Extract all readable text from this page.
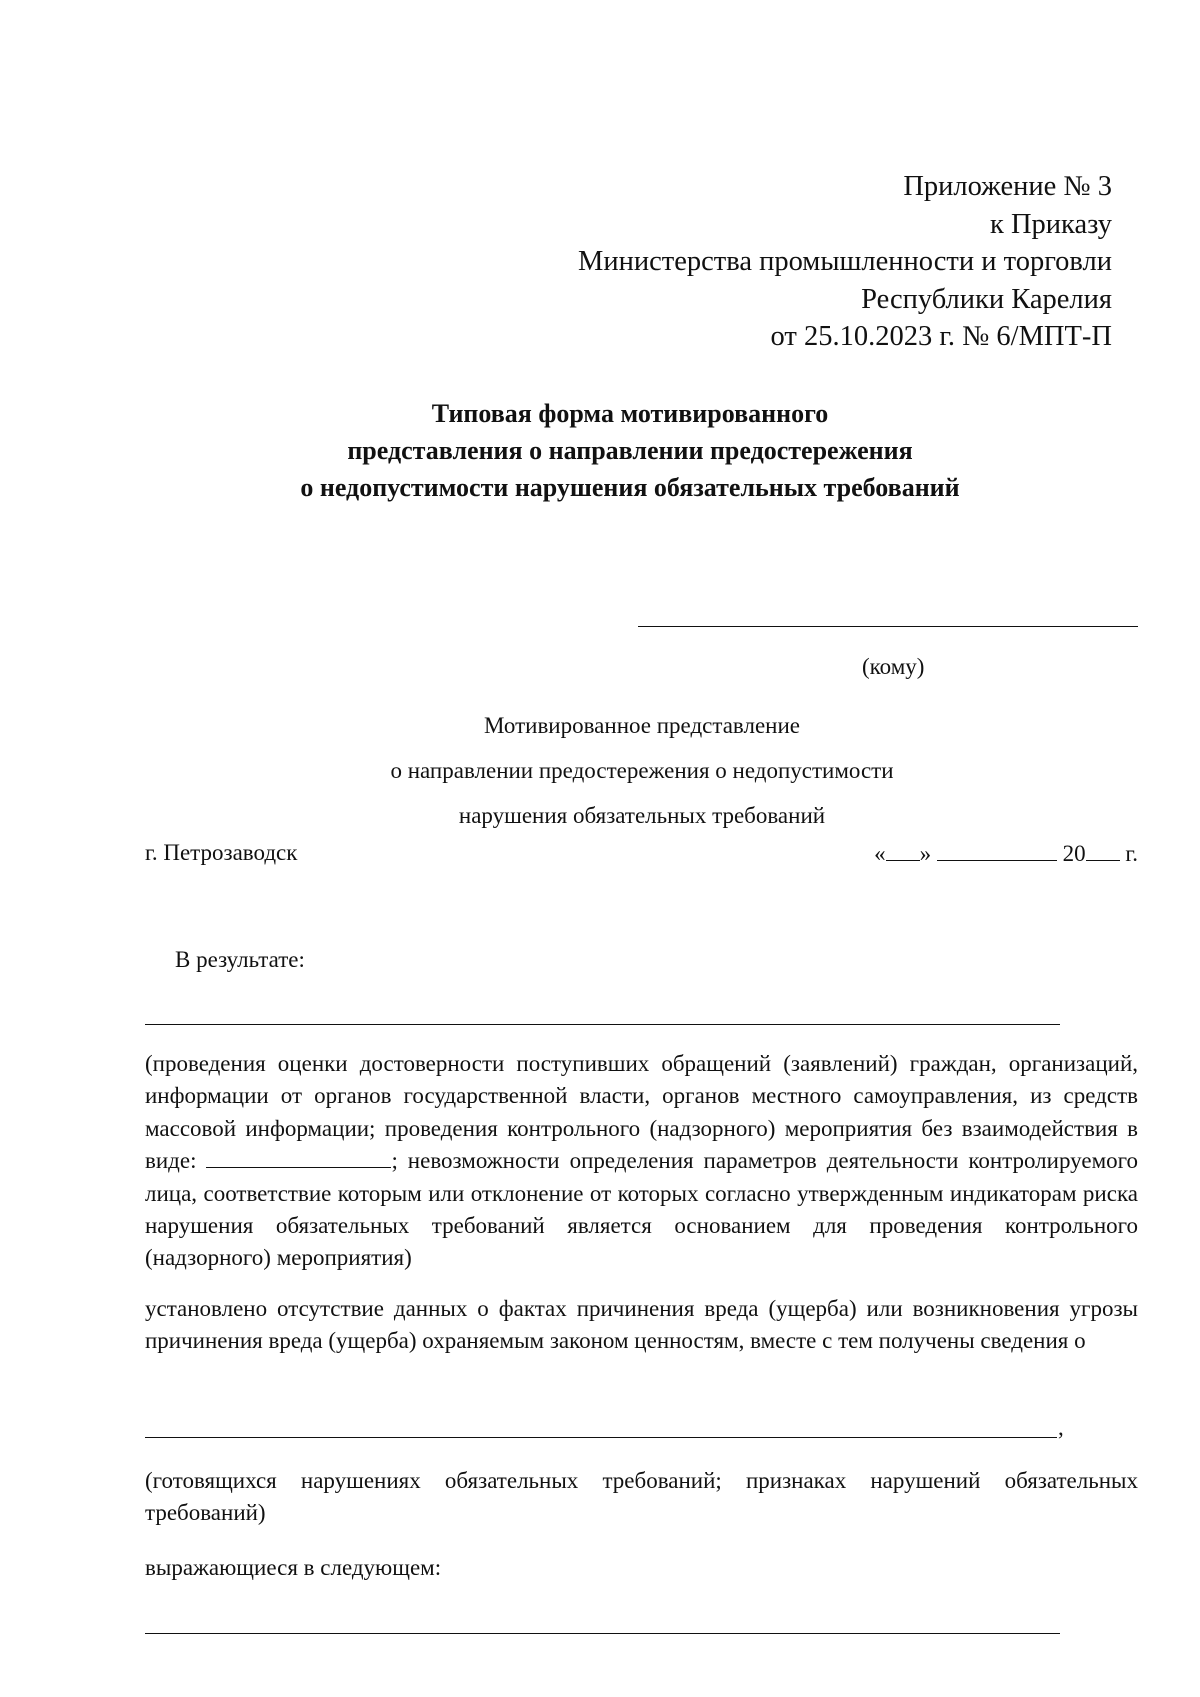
Приложение № 3
к Приказу
Министерства промышленности и торговли
Республики Карелия
от 25.10.2023 г. № 6/МПТ-П
Типовая форма мотивированного
представления о направлении предостережения
о недопустимости нарушения обязательных требований
(кому)
Мотивированное представление
о направлении предостережения о недопустимости
нарушения обязательных требований
г. Петрозаводск	« »	20 г.
В результате:
(проведения оценки достоверности поступивших обращений (заявлений) граждан, организаций, информации от органов государственной власти, органов местного самоуправления, из средств массовой информации; проведения контрольного (надзорного) мероприятия без взаимодействия в виде:	; невозможности определения параметров деятельности контролируемого лица, соответствие которым или отклонение от которых согласно утвержденным индикаторам риска нарушения обязательных требований является основанием для проведения контрольного (надзорного) мероприятия)
установлено отсутствие данных о фактах причинения вреда (ущерба) или возникновения угрозы причинения вреда (ущерба) охраняемым законом ценностям, вместе с тем получены сведения о
,
(готовящихся нарушениях обязательных требований; признаках нарушений обязательных требований)
выражающиеся в следующем:
